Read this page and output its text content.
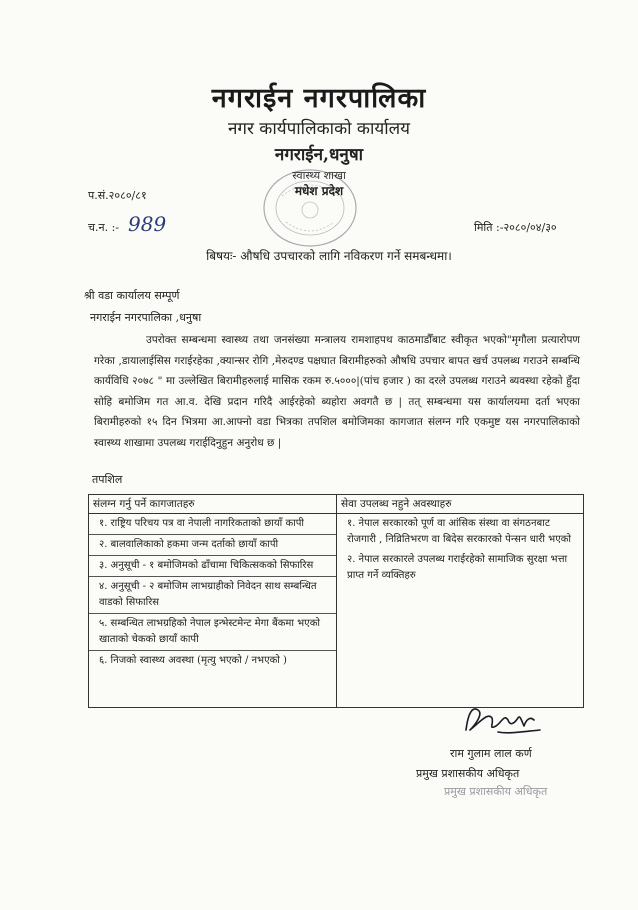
नगराईन नगरपालिका
नगर कार्यपालिकाको कार्यालय
नगराईन,धनुषा
स्वास्थ्य शाखा
मधेश प्रदेश
प.सं.२०८०/८१
च.न. :- 989	मिति :-२०८०/०४/३०
बिषयः- औषधि उपचारको लागि नविकरण गर्ने समबन्धमा।
श्री वडा कार्यालय सम्पूर्ण
नगराईन नगरपालिका ,धनुषा
उपरोक्त सम्बन्धमा स्वास्थ्य तथा जनसंख्या मन्त्रालय रामशाहपथ काठमाडौँबाट स्वीकृत भएको"मृगौला प्रत्यारोपण गरेका ,डायालाईसिस गराईरहेका ,क्यान्सर रोगि ,मेरुदण्ड पक्षघात बिरामीहरुको औषधि उपचार बापत खर्च उपलब्ध गराउने सम्बन्धि कार्यविधि २०७८ " मा उल्लेखित बिरामीहरुलाई मासिक रकम रु.५०००|(पांच हजार ) का दरले उपलब्ध गराउने ब्यवस्था रहेको हुँदा सोहि बमोजिम गत आ.व. देखि प्रदान गरिदै आईरहेको ब्यहोरा अवगतै छ | तत् सम्बन्धमा यस कार्यालयमा दर्ता भएका बिरामीहरुको १५ दिन भित्रमा आ.आफ्नो वडा भित्रका तपशिल बमोजिमका कागजात संलग्न गरि एकमुष्ट यस नगरपालिकाको स्वास्थ्य शाखामा उपलब्ध गराईदिनुहुन अनुरोध छ |
तपशिल
संलग्न गर्नु पर्ने कागजातहरु
१. राष्ट्रिय परिचय पत्र वा नेपाली नागरिकताको छायाँ कापी
२. बालवालिकाको हकमा जन्म दर्ताको छायाँ कापी
३. अनुसूची - १ बमोजिमको ढाँचामा चिकित्सकको सिफारिस
४. अनुसूची - २ बमोजिम लाभग्राहीको निवेदन साथ सम्बन्धित वाडको सिफारिस
५. सम्बन्धित लाभग्रहिको नेपाल इन्भेस्टमेन्ट मेगा बैंकमा भएको खाताको चेकको छायाँ कापी
६. निजको स्वास्थ्य अवस्था (मृत्यु भएको / नभएको )
सेवा उपलब्ध नहुने अवस्थाहरु
१. नेपाल सरकारको पूर्ण वा आंसिक संस्था वा संगठनबाट रोजगारी , निव्रितिभरण वा बिदेस सरकारको पेन्सन धारी भएको
२. नेपाल सरकारले उपलब्ध गराईरहेको सामाजिक सुरक्षा भत्ता प्राप्त गर्ने व्यक्तिहरु
राम गुलाम लाल कर्ण
प्रमुख प्रशासकीय अधिकृत
प्रमुख प्रशासकीय अधिकृत
